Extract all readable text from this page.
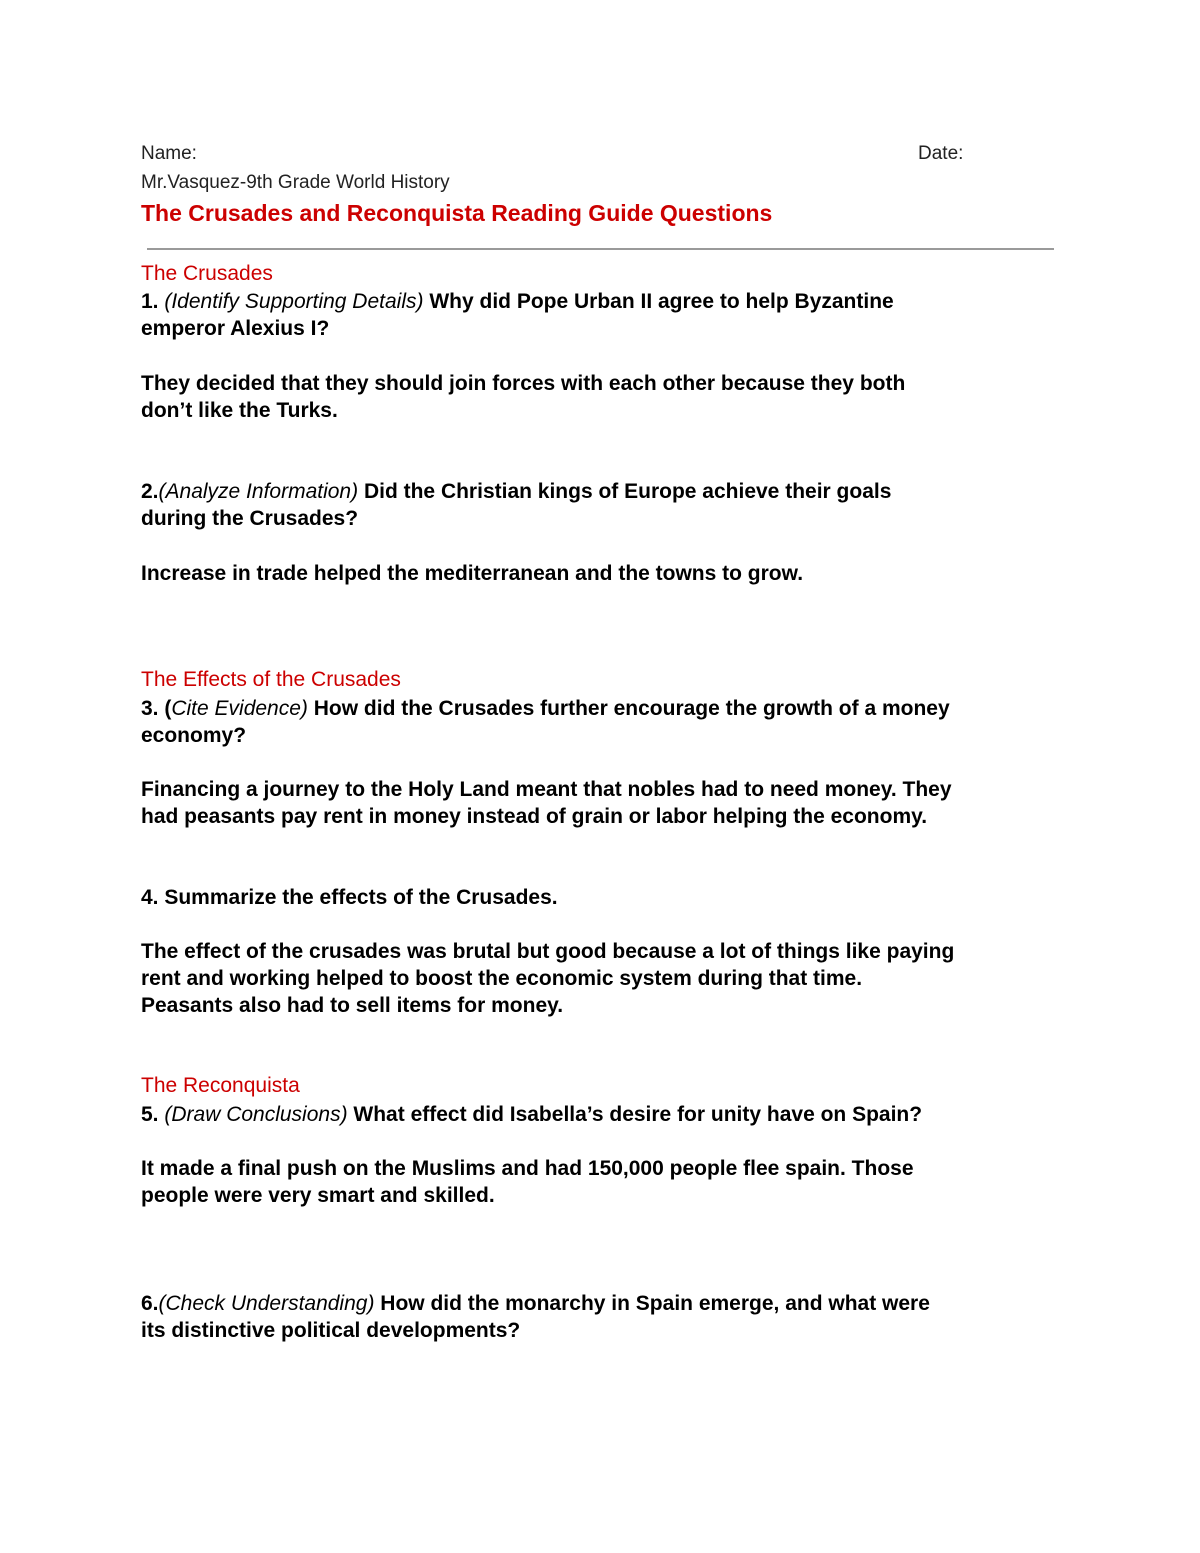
Name:	Date:
Mr.Vasquez-9th Grade World History
The Crusades and Reconquista Reading Guide Questions
The Crusades
1. (Identify Supporting Details) Why did Pope Urban II agree to help Byzantine
emperor Alexius I?
They decided that they should join forces with each other because they both
don’t like the Turks.
2.(Analyze Information) Did the Christian kings of Europe achieve their goals
during the Crusades?
Increase in trade helped the mediterranean and the towns to grow.
The Effects of the Crusades
3. (Cite Evidence) How did the Crusades further encourage the growth of a money
economy?
Financing a journey to the Holy Land meant that nobles had to need money. They
had peasants pay rent in money instead of grain or labor helping the economy.
4. Summarize the effects of the Crusades.
The effect of the crusades was brutal but good because a lot of things like paying
rent and working helped to boost the economic system during that time.
Peasants also had to sell items for money.
The Reconquista
5. (Draw Conclusions) What effect did Isabella’s desire for unity have on Spain?
It made a final push on the Muslims and had 150,000 people flee spain. Those
people were very smart and skilled.
6.(Check Understanding) How did the monarchy in Spain emerge, and what were
its distinctive political developments?
